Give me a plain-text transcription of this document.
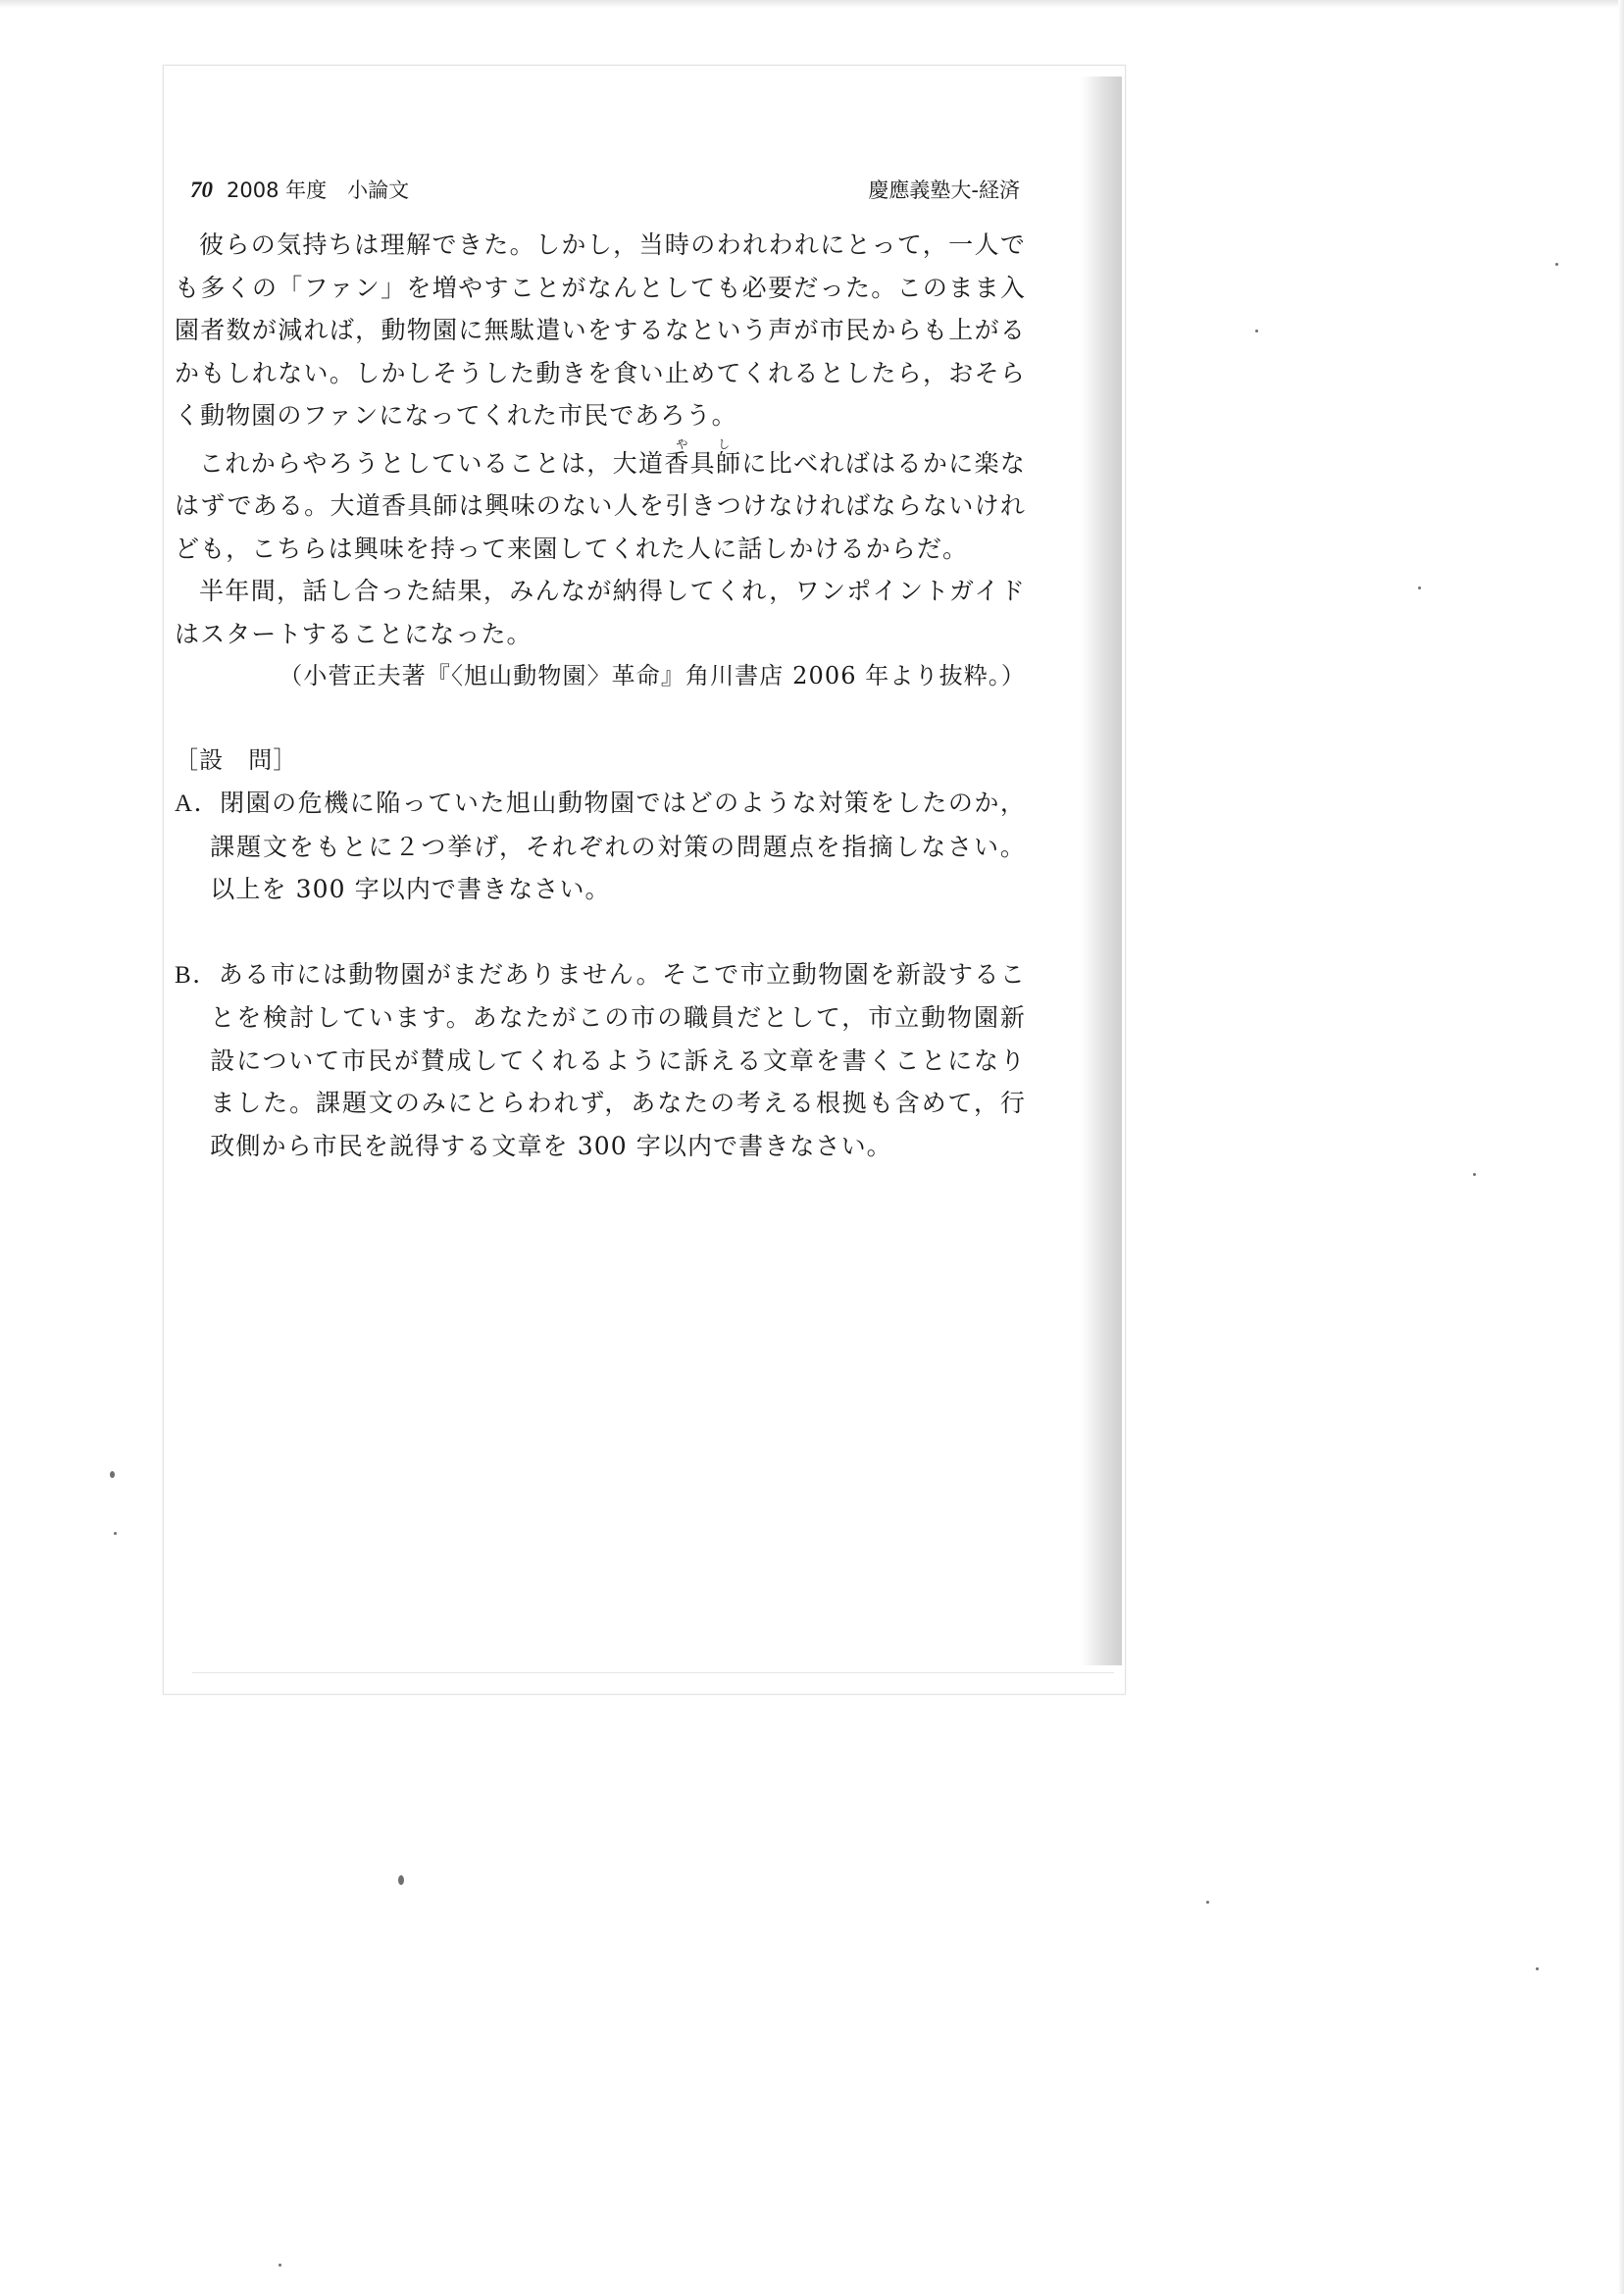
70 2008 年度　小論文	慶應義塾大-経済

彼らの気持ちは理解できた。しかし，当時のわれわれにとって，一人でも多くの「ファン」を増やすことがなんとしても必要だった。このまま入園者数が減れば，動物園に無駄遣いをするなという声が市民からも上がるかもしれない。しかしそうした動きを食い止めてくれるとしたら，おそらく動物園のファンになってくれた市民であろう。

これからやろうとしていることは，大道香具師やしに比べればはるかに楽なはずである。大道香具師は興味のない人を引きつけなければならないけれども，こちらは興味を持って来園してくれた人に話しかけるからだ。

半年間，話し合った結果，みんなが納得してくれ，ワンポイントガイドはスタートすることになった。

（小菅正夫著『〈旭山動物園〉革命』角川書店 2006 年より抜粋。）

［設　問］

A．閉園の危機に陥っていた旭山動物園ではどのような対策をしたのか，課題文をもとに２つ挙げ，それぞれの対策の問題点を指摘しなさい。以上を 300 字以内で書きなさい。

B．ある市には動物園がまだありません。そこで市立動物園を新設することを検討しています。あなたがこの市の職員だとして，市立動物園新設について市民が賛成してくれるように訴える文章を書くことになりました。課題文のみにとらわれず，あなたの考える根拠も含めて，行政側から市民を説得する文章を 300 字以内で書きなさい。
